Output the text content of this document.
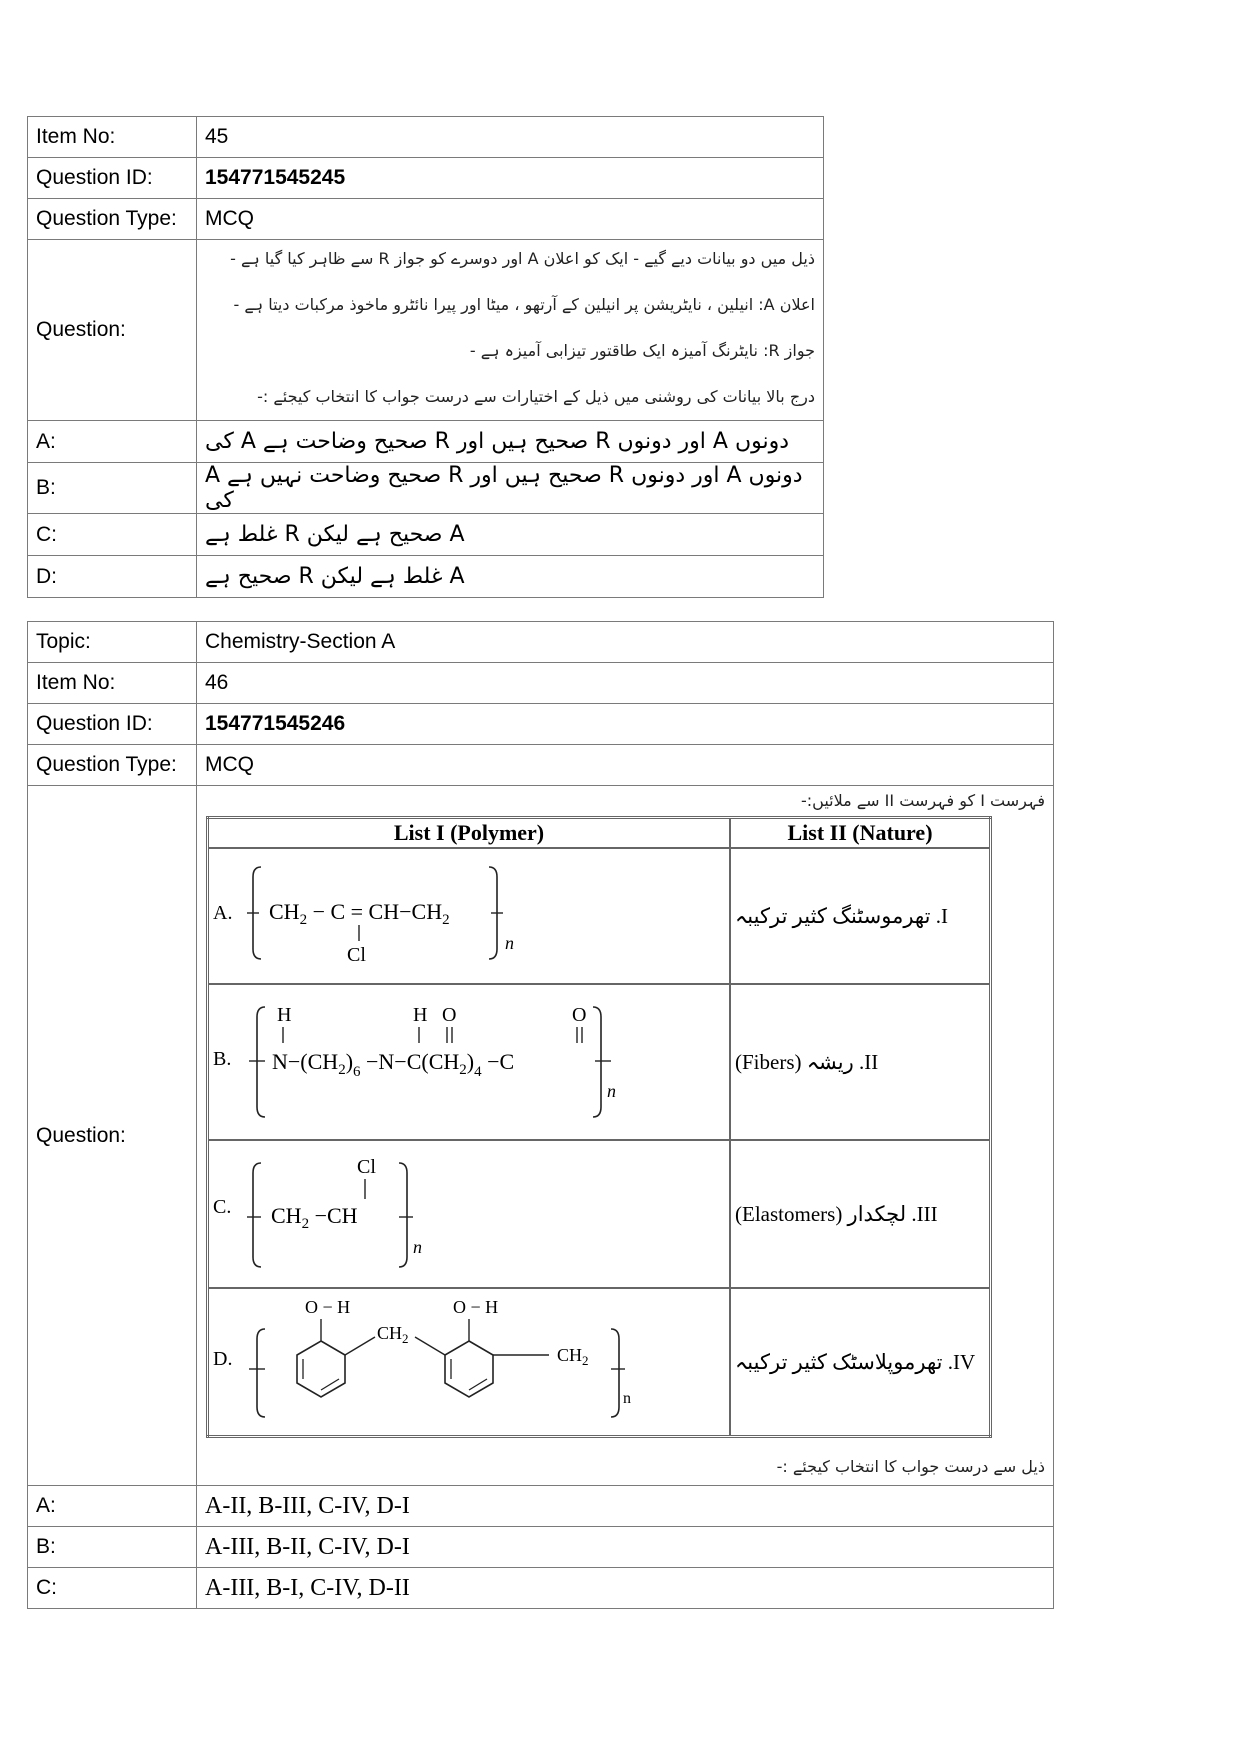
Item No:	45
Question ID:	154771545245
Question Type:	MCQ
Question:	ذیل میں دو بیانات دیے گیے - ایک کو اعلان A اور دوسرے کو جواز R سے ظاہر کیا گیا ہے -
اعلان A: انیلین ، نایٹریشن پر انیلین کے آرتھو ، میٹا اور پیرا نائٹرو ماخوذ مرکبات دیتا ہے -
جواز R: نایٹرنگ آمیزہ ایک طاقتور تیزابی آمیزہ ہے -
درج بالا بیانات کی روشنی میں ذیل کے اختیارات سے درست جواب کا انتخاب کیجئے :-

A:	دونوں A اور دونوں R صحیح ہیں اور R صحیح وضاحت ہے A کی
B:	دونوں A اور دونوں R صحیح ہیں اور R صحیح وضاحت نہیں ہے A کی
C:	A صحیح ہے لیکن R غلط ہے
D:	A غلط ہے لیکن R صحیح ہے
Topic:	Chemistry-Section A
Item No:	46
Question ID:	154771545246
Question Type:	MCQ
Question:	
فہرست I کو فہرست II سے ملائیں:-
List I (Polymer)	List II (Nature)

A. $CH_2 - C = CH-CH_2$
Cl
n
	I. تھرموسٹنگ کثیر ترکیبہ

B.
H
$N-(CH_2)_6 -N-C(CH_2)_4 -C$
H O	O
n
	II. ریشہ (Fibers)

C.
Cl
$CH_2 -CH$
n
	III. لچکدار (Elastomers)

D.
O − H
$CH_2$
O − H
$CH_2$
n
	IV. تھرموپلاسٹک کثیر ترکیبہ
ذیل سے درست جواب کا انتخاب کیجئے :-

A:	A-II, B-III, C-IV, D-I
B:	A-III, B-II, C-IV, D-I
C:	A-III, B-I, C-IV, D-II
